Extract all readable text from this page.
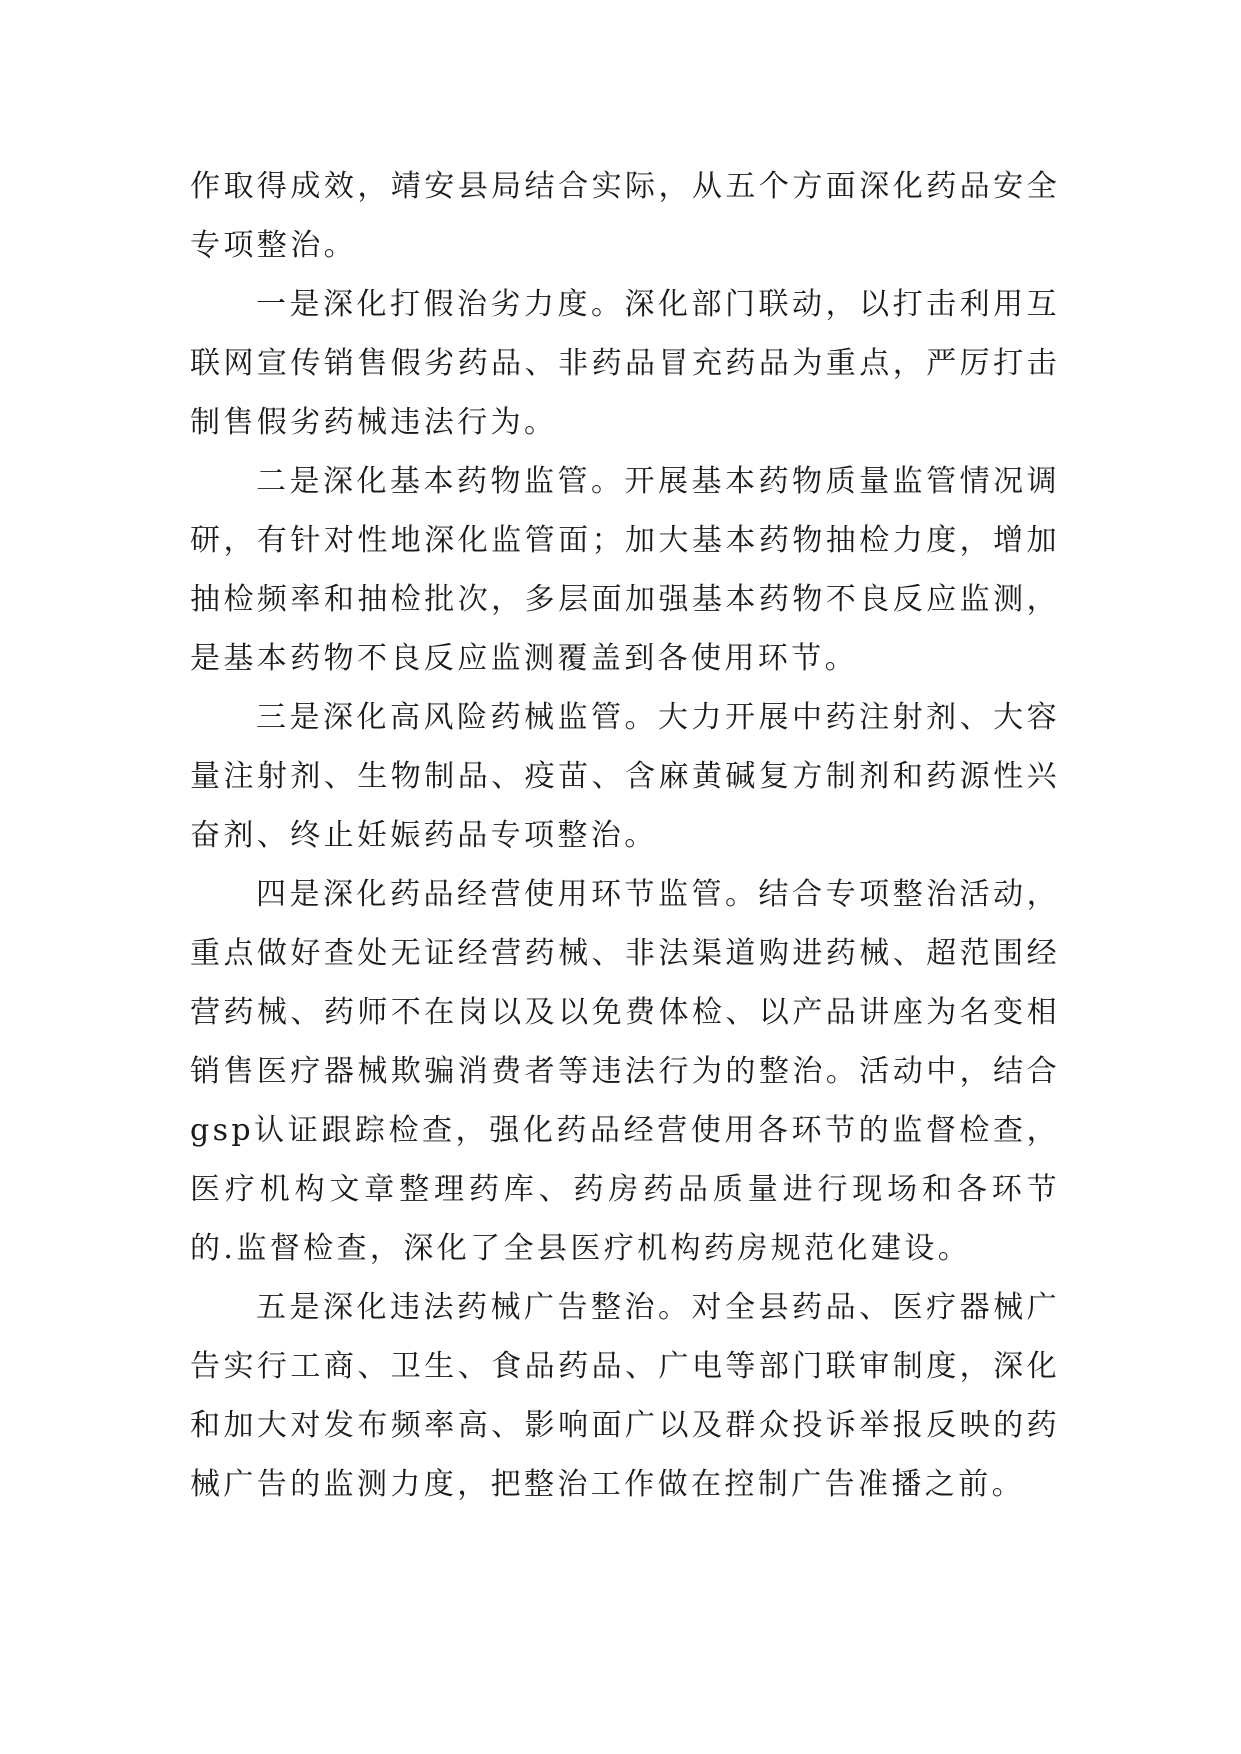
作取得成效，靖安县局结合实际，从五个方面深化药品安全专项整治。

一是深化打假治劣力度。深化部门联动，以打击利用互联网宣传销售假劣药品、非药品冒充药品为重点，严厉打击制售假劣药械违法行为。

二是深化基本药物监管。开展基本药物质量监管情况调研，有针对性地深化监管面；加大基本药物抽检力度，增加抽检频率和抽检批次，多层面加强基本药物不良反应监测，是基本药物不良反应监测覆盖到各使用环节。

三是深化高风险药械监管。大力开展中药注射剂、大容量注射剂、生物制品、疫苗、含麻黄碱复方制剂和药源性兴奋剂、终止妊娠药品专项整治。

四是深化药品经营使用环节监管。结合专项整治活动，重点做好查处无证经营药械、非法渠道购进药械、超范围经营药械、药师不在岗以及以免费体检、以产品讲座为名变相销售医疗器械欺骗消费者等违法行为的整治。活动中，结合gsp认证跟踪检查，强化药品经营使用各环节的监督检查，医疗机构文章整理药库、药房药品质量进行现场和各环节的.监督检查，深化了全县医疗机构药房规范化建设。

五是深化违法药械广告整治。对全县药品、医疗器械广告实行工商、卫生、食品药品、广电等部门联审制度，深化和加大对发布频率高、影响面广以及群众投诉举报反映的药械广告的监测力度，把整治工作做在控制广告准播之前。
